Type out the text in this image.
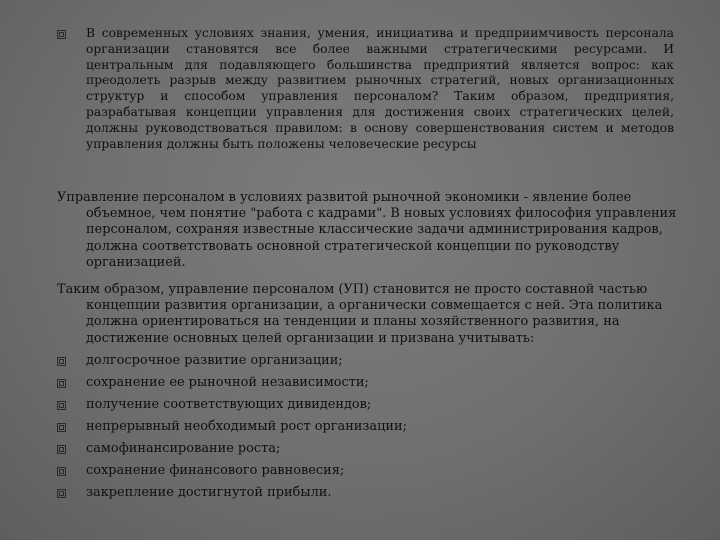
В современных условиях знания, умения, инициатива и предприимчивость персонала
организации становятся все более важными стратегическими ресурсами. И
центральным для подавляющего большинства предприятий является вопрос: как
преодолеть разрыв между развитием рыночных стратегий, новых организационных
структур и способом управления персоналом? Таким образом, предприятия,
разрабатывая концепции управления для достижения своих стратегических целей,
должны руководствоваться правилом: в основу совершенствования систем и методов
управления должны быть положены человеческие ресурсы
Управление персоналом в условиях развитой рыночной экономики - явление более
объемное, чем понятие "работа с кадрами". В новых условиях философия управления
персоналом, сохраняя известные классические задачи администрирования кадров,
должна соответствовать основной стратегической концепции по руководству
организацией.
Таким образом, управление персоналом (УП) становится не просто составной частью
концепции развития организации, а органически совмещается с ней. Эта политика
должна ориентироваться на тенденции и планы хозяйственного развития, на
достижение основных целей организации и призвана учитывать:
долгосрочное развитие организации;
сохранение ее рыночной независимости;
получение соответствующих дивидендов;
непрерывный необходимый рост организации;
самофинансирование роста;
сохранение финансового равновесия;
закрепление достигнутой прибыли.
